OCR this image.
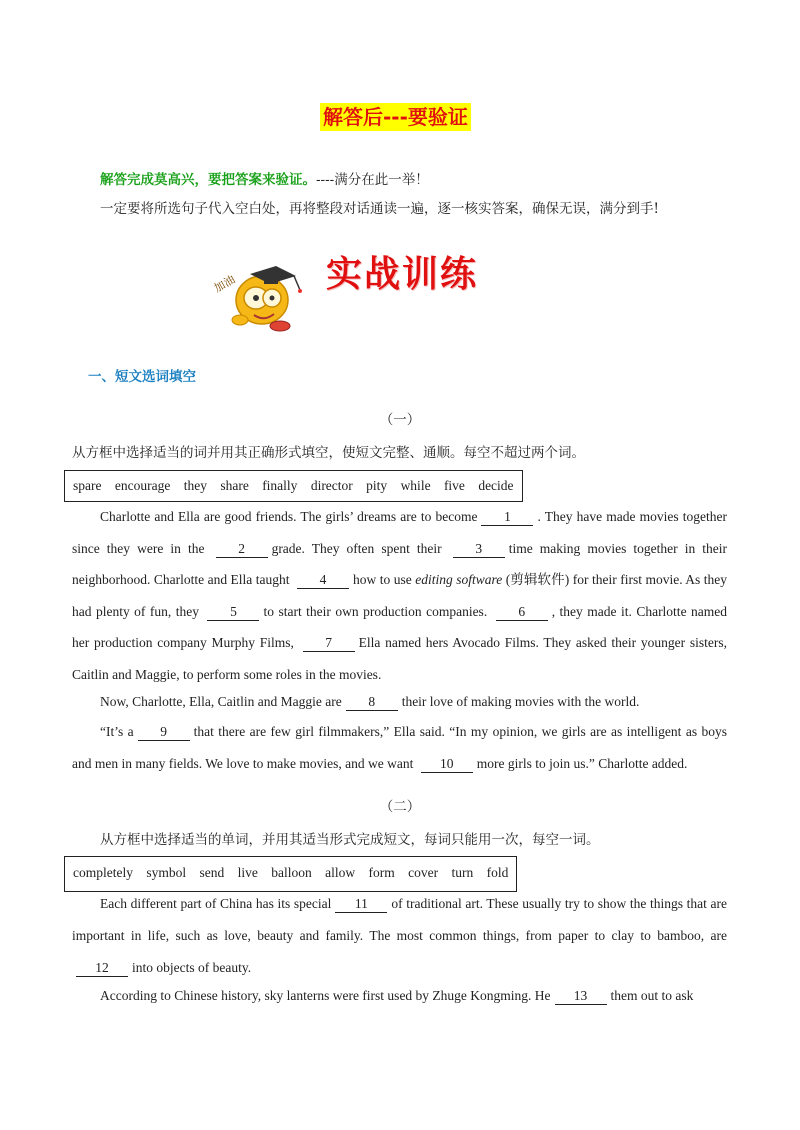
解答后---要验证
解答完成莫高兴，要把答案来验证。----满分在此一举！
一定要将所选句子代入空白处，再将整段对话通读一遍，逐一核实答案，确保无误，满分到手!
加油 实战训练
一、短文选词填空
（一）
从方框中选择适当的词并用其正确形式填空，使短文完整、通顺。每空不超过两个词。
spare encourage they share finally director pity while five decide
Charlotte and Ella are good friends. The girls’ dreams are to become 1 . They have made movies together since they were in the 2 grade. They often spent their 3 time making movies together in their neighborhood. Charlotte and Ella taught 4 how to use editing software (剪辑软件) for their first movie. As they had plenty of fun, they 5 to start their own production companies. 6 , they made it. Charlotte named her production company Murphy Films, 7 Ella named hers Avocado Films. They asked their younger sisters, Caitlin and Maggie, to perform some roles in the movies.
Now, Charlotte, Ella, Caitlin and Maggie are 8 their love of making movies with the world.
“It’s a 9 that there are few girl filmmakers,” Ella said. “In my opinion, we girls are as intelligent as boys and men in many fields. We love to make movies, and we want 10 more girls to join us.” Charlotte added.
（二）
从方框中选择适当的单词，并用其适当形式完成短文，每词只能用一次，每空一词。
completely symbol send live balloon allow form cover turn fold
Each different part of China has its special 11 of traditional art. These usually try to show the things that are important in life, such as love, beauty and family. The most common things, from paper to clay to bamboo, are 12 into objects of beauty.
According to Chinese history, sky lanterns were first used by Zhuge Kongming. He 13 them out to ask
